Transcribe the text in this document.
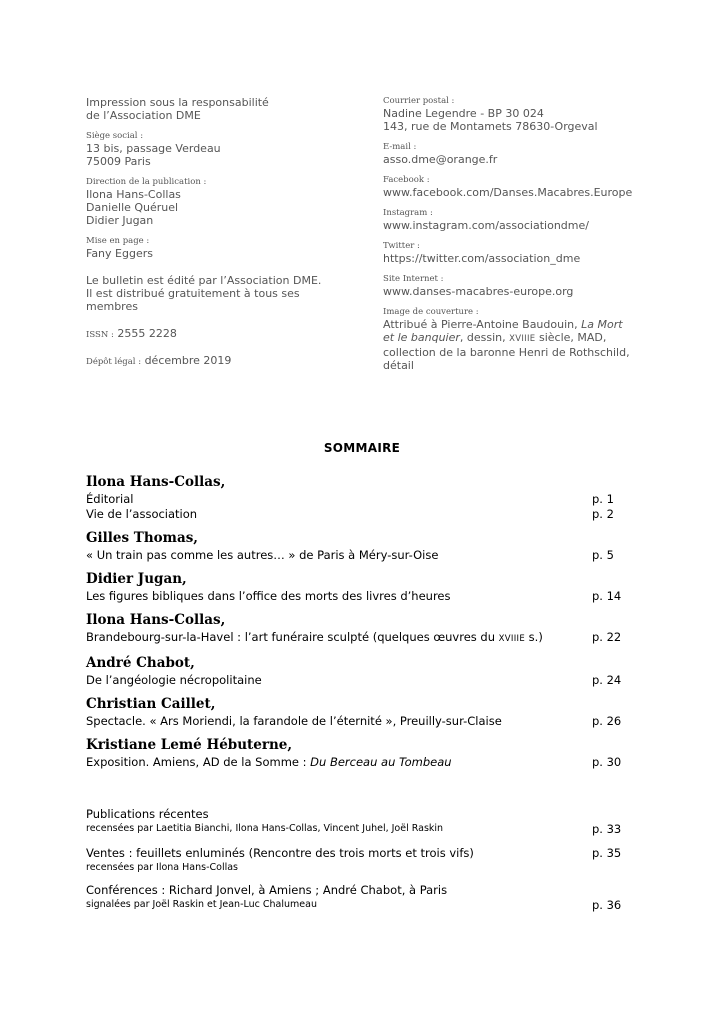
Impression sous la responsabilité
de l’Association DME
Siège social :
13 bis, passage Verdeau
75009 Paris
Direction de la publication :
Ilona Hans-Collas
Danielle Quéruel
Didier Jugan
Mise en page :
Fany Eggers
Le bulletin est édité par l’Association DME. Il est distribué gratuitement à tous ses membres
ISSN : 2555 2228
Dépôt légal : décembre 2019
Courrier postal :
Nadine Legendre - BP 30 024
143, rue de Montamets 78630-Orgeval
E-mail :
asso.dme@orange.fr
Facebook :
www.facebook.com/Danses.Macabres.Europe
Instagram :
www.instagram.com/associationdme/
Twitter :
https://twitter.com/association_dme
Site Internet :
www.danses-macabres-europe.org
Image de couverture :
Attribué à Pierre-Antoine Baudouin, La Mort et le banquier, dessin, XVIIIE siècle, MAD, collection de la baronne Henri de Rothschild, détail
SOMMAIRE
Ilona Hans-Collas,
Éditorial	p. 1
Vie de l’association	p. 2
Gilles Thomas,
« Un train pas comme les autres… » de Paris à Méry-sur-Oise	p. 5
Didier Jugan,
Les figures bibliques dans l’office des morts des livres d’heures	p. 14
Ilona Hans-Collas,
Brandebourg-sur-la-Havel : l’art funéraire sculpté (quelques œuvres du XVIIIE s.)	p. 22
André Chabot,
De l’angéologie nécropolitaine	p. 24
Christian Caillet,
Spectacle. « Ars Moriendi, la farandole de l’éternité », Preuilly-sur-Claise	p. 26
Kristiane Lemé Hébuterne,
Exposition. Amiens, AD de la Somme : Du Berceau au Tombeau	p. 30
Publications récentes
recensées par Laetitia Bianchi, Ilona Hans-Collas, Vincent Juhel, Joël Raskin	p. 33
Ventes : feuillets enluminés (Rencontre des trois morts et trois vifs)	p. 35
recensées par Ilona Hans-Collas
Conférences : Richard Jonvel, à Amiens ; André Chabot, à Paris
signalées par Joël Raskin et Jean-Luc Chalumeau	p. 36
